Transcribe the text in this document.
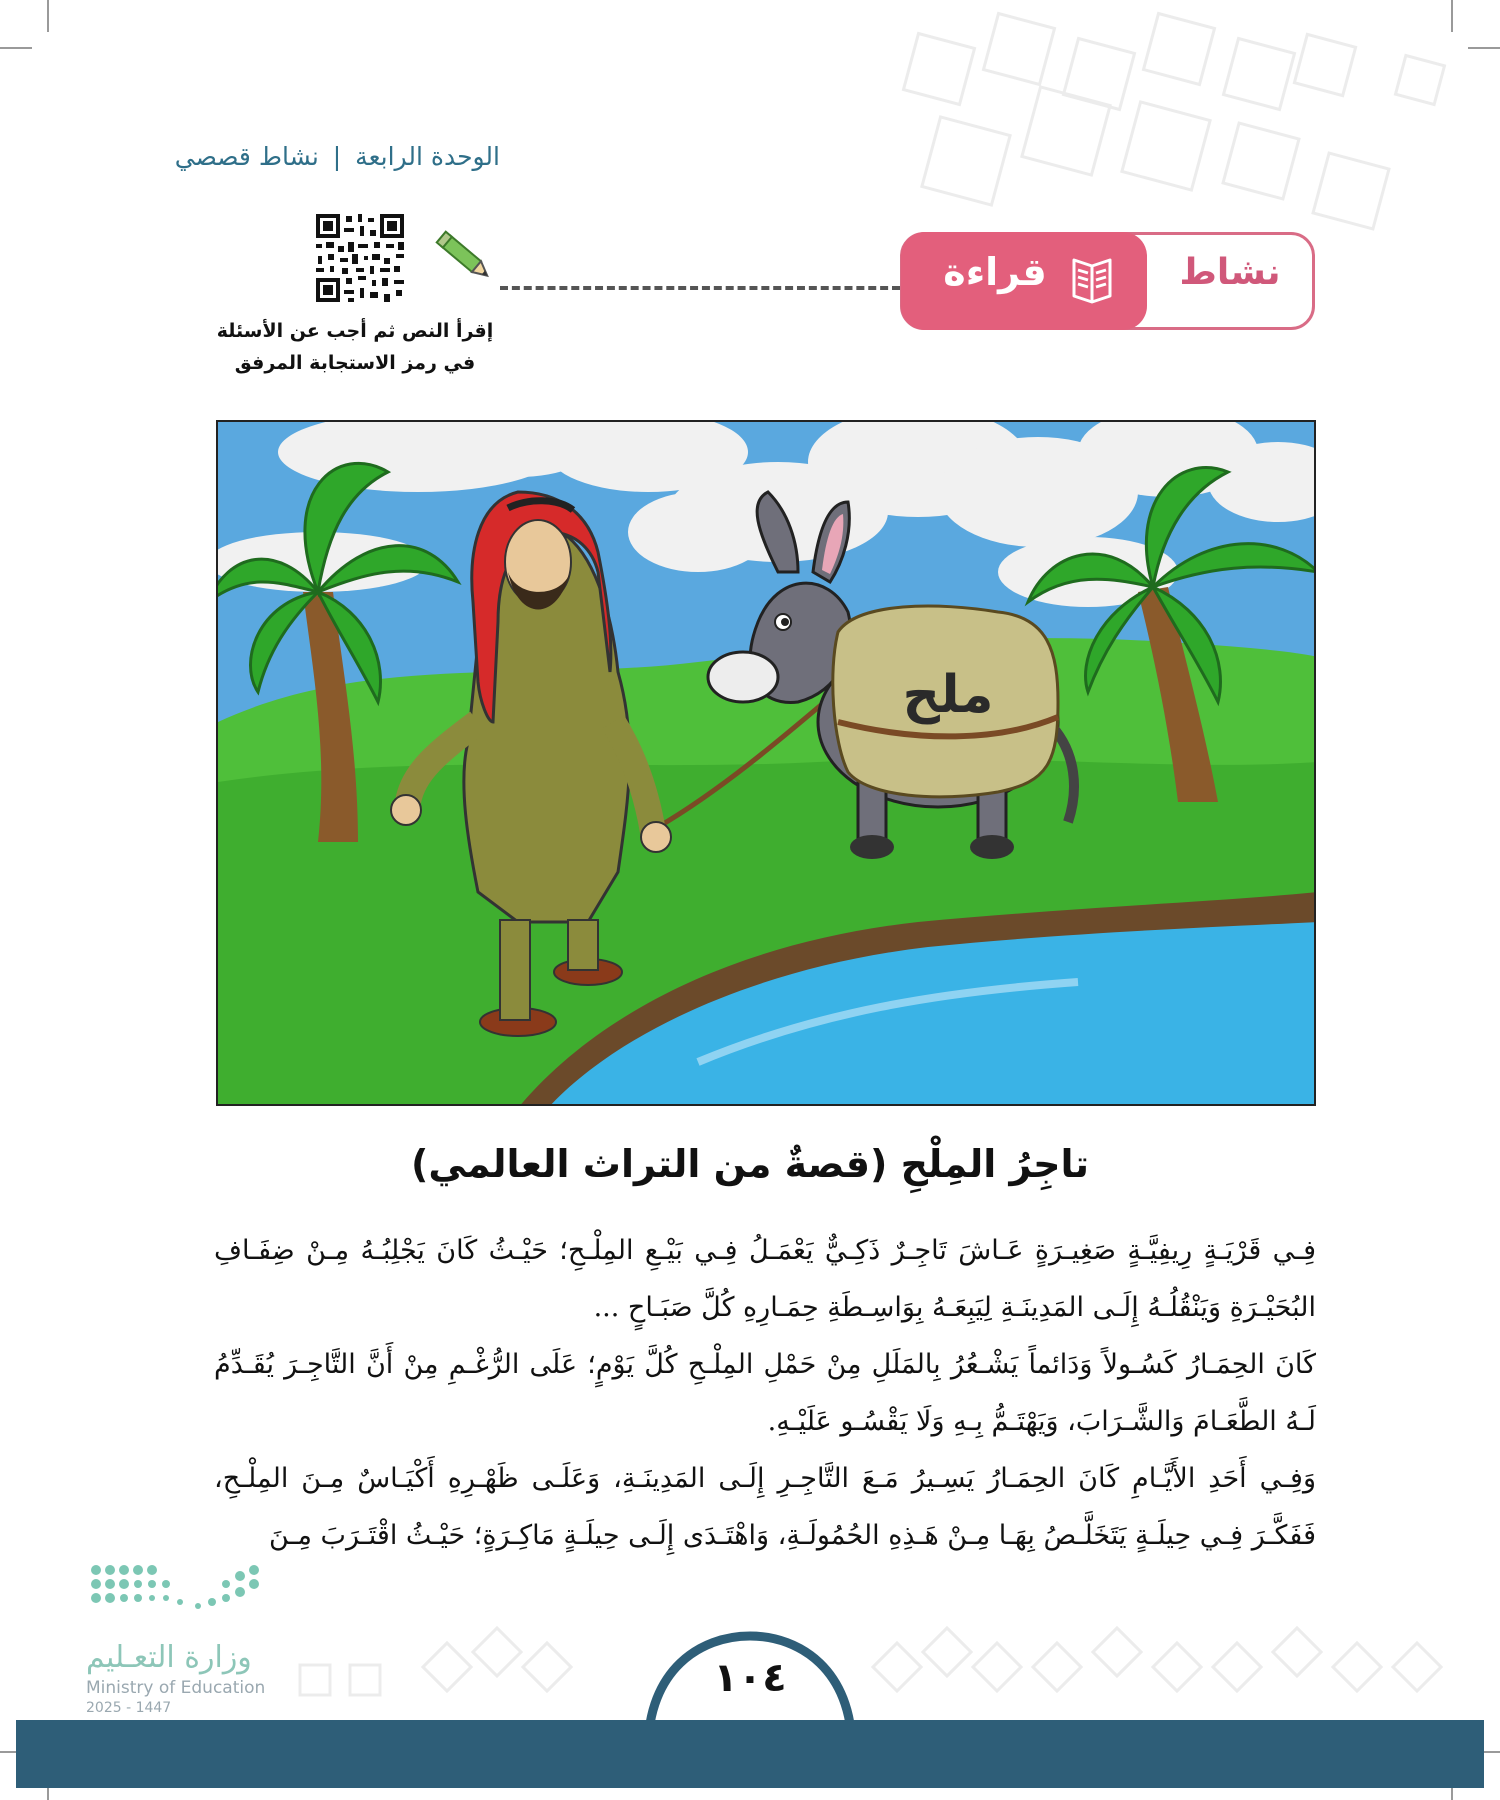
الوحدة الرابعة | نشاط قصصي
نشاط
قراءة
إقرأ النص ثم أجب عن الأسئلة
في رمز الاستجابة المرفق
ملح
تاجِرُ المِلْحِ (قصةٌ من التراث العالمي)
فِـي قَرْيَـةٍ رِيفِيَّـةٍ صَغِيـرَةٍ عَـاشَ تَاجِـرٌ ذَكِـيٌّ يَعْمَـلُ فِـي بَيْـعِ المِلْـحِ؛ حَيْـثُ كَانَ يَجْلِبُـهُ مِـنْ ضِفَـافِ البُحَيْـرَةِ وَيَنْقُلُـهُ إِلَـى المَدِينَـةِ لِيَبِعَـهُ بِوَاسِـطَةِ حِمَـارِهِ كُلَّ صَبَـاحٍ ...
كَانَ الحِمَـارُ كَسُـولاً وَدَائماً يَشْـعُرُ بِالمَلَلِ مِنْ حَمْلِ المِلْـحِ كُلَّ يَوْمٍ؛ عَلَى الرُّغْـمِ مِنْ أَنَّ التَّاجِـرَ يُقَـدِّمُ لَـهُ الطَّعَـامَ وَالشَّـرَابَ، وَيَهْتَـمُّ بِـهِ وَلَا يَقْسُـو عَلَيْـهِ.
وَفِـي أَحَدِ الأَيَّـامِ كَانَ الحِمَـارُ يَسِـيرُ مَـعَ التَّاجِـرِ إِلَـى المَدِينَـةِ، وَعَلَـى ظَهْـرِهِ أَكْيَـاسٌ مِـنَ المِلْـحِ، فَفَكَّـرَ فِـي حِيلَـةٍ يَتَخَلَّـصُ بِهَـا مِـنْ هَـذِهِ الحُمُولَـةِ، وَاهْتَـدَى إِلَـى حِيلَـةٍ مَاكِـرَةٍ؛ حَيْـثُ اقْتَـرَبَ مِـنَ
وزارة التعـليم
Ministry of Education
2025 - 1447
١٠٤
